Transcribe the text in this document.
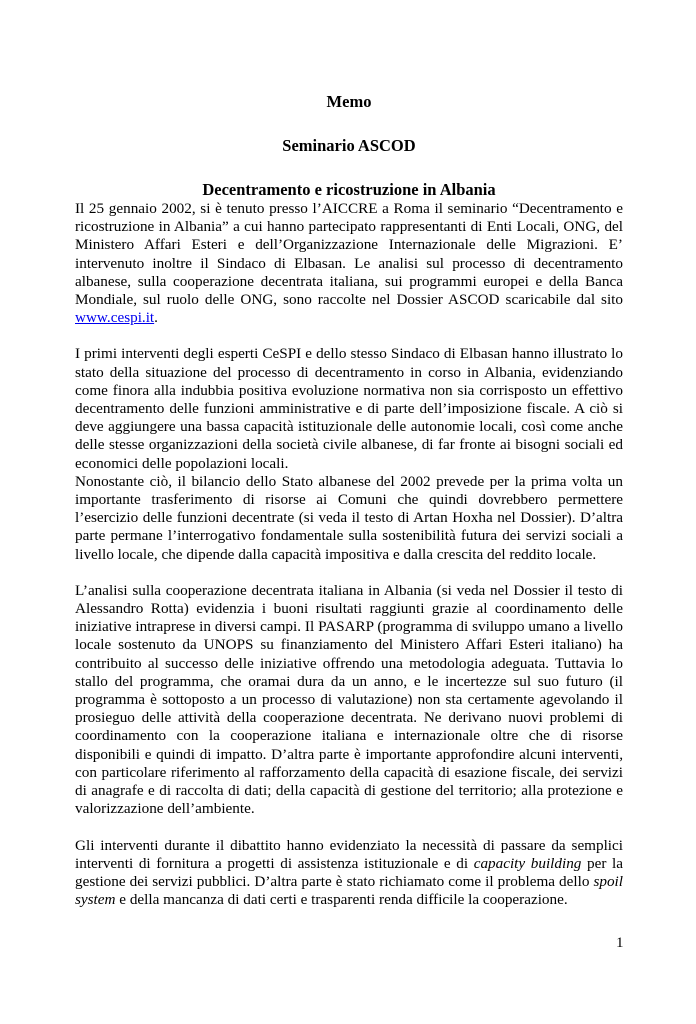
Memo
Seminario ASCOD
Decentramento e ricostruzione in Albania

Il 25 gennaio 2002, si è tenuto presso l’AICCRE a Roma il seminario “Decentramento e ricostruzione in Albania” a cui hanno partecipato rappresentanti di Enti Locali, ONG, del Ministero Affari Esteri e dell’Organizzazione Internazionale delle Migrazioni. E’ intervenuto inoltre il Sindaco di Elbasan. Le analisi sul processo di decentramento albanese, sulla cooperazione decentrata italiana, sui programmi europei e della Banca Mondiale, sul ruolo delle ONG, sono raccolte nel Dossier ASCOD scaricabile dal sito www.cespi.it.

I primi interventi degli esperti CeSPI e dello stesso Sindaco di Elbasan hanno illustrato lo stato della situazione del processo di decentramento in corso in Albania, evidenziando come finora alla indubbia positiva evoluzione normativa non sia corrisposto un effettivo decentramento delle funzioni amministrative e di parte dell’imposizione fiscale. A ciò si deve aggiungere una bassa capacità istituzionale delle autonomie locali, così come anche delle stesse organizzazioni della società civile albanese, di far fronte ai bisogni sociali ed economici delle popolazioni locali.

Nonostante ciò, il bilancio dello Stato albanese del 2002 prevede per la prima volta un importante trasferimento di risorse ai Comuni che quindi dovrebbero permettere l’esercizio delle funzioni decentrate (si veda il testo di Artan Hoxha nel Dossier). D’altra parte permane l’interrogativo fondamentale sulla sostenibilità futura dei servizi sociali a livello locale, che dipende dalla capacità impositiva e dalla crescita del reddito locale.

L’analisi sulla cooperazione decentrata italiana in Albania (si veda nel Dossier il testo di Alessandro Rotta) evidenzia i buoni risultati raggiunti grazie al coordinamento delle iniziative intraprese in diversi campi. Il PASARP (programma di sviluppo umano a livello locale sostenuto da UNOPS su finanziamento del Ministero Affari Esteri italiano) ha contribuito al successo delle iniziative offrendo una metodologia adeguata. Tuttavia lo stallo del programma, che oramai dura da un anno, e le incertezze sul suo futuro (il programma è sottoposto a un processo di valutazione) non sta certamente agevolando il prosieguo delle attività della cooperazione decentrata. Ne derivano nuovi problemi di coordinamento con la cooperazione italiana e internazionale oltre che di risorse disponibili e quindi di impatto. D’altra parte è importante approfondire alcuni interventi, con particolare riferimento al rafforzamento della capacità di esazione fiscale, dei servizi di anagrafe e di raccolta di dati; della capacità di gestione del territorio; alla protezione e valorizzazione dell’ambiente.

Gli interventi durante il dibattito hanno evidenziato la necessità di passare da semplici interventi di fornitura a progetti di assistenza istituzionale e di capacity building per la gestione dei servizi pubblici. D’altra parte è stato richiamato come il problema dello spoil system e della mancanza di dati certi e trasparenti renda difficile la cooperazione.

1
